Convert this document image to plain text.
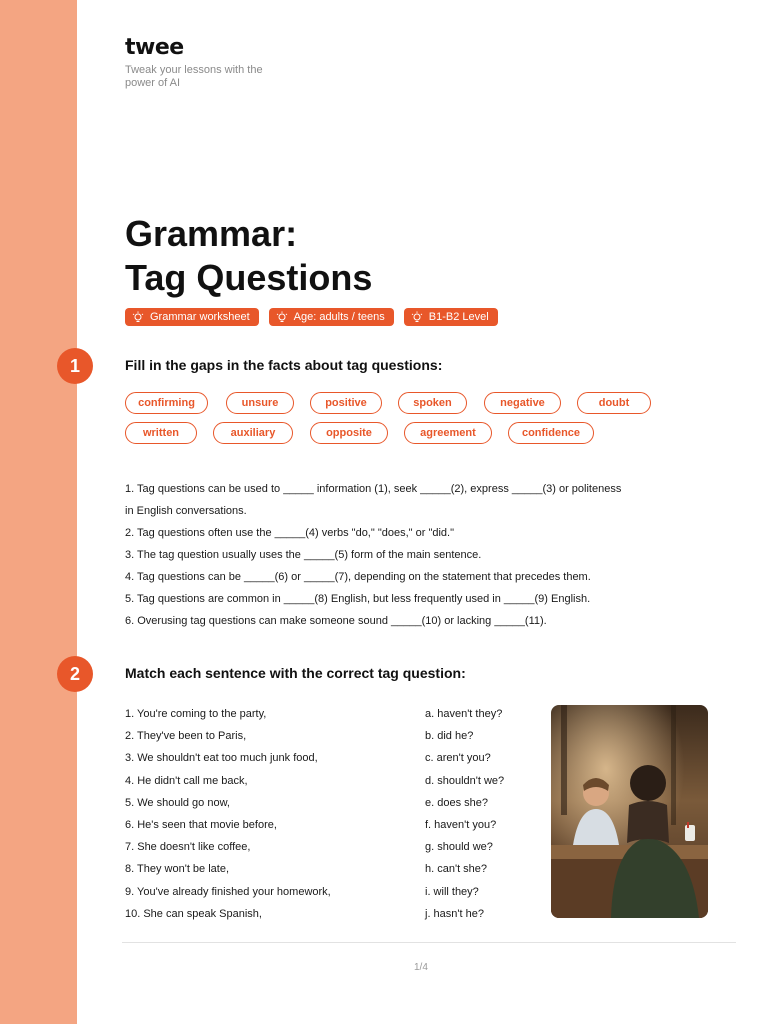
twee
Tweak your lessons with the power of AI
Grammar:
Tag Questions
Grammar worksheet	Age: adults / teens	B1-B2 Level
1	Fill in the gaps in the facts about tag questions:
confirming	unsure	positive	spoken	negative	doubt
written	auxiliary	opposite	agreement	confidence
1. Tag questions can be used to _____ information (1), seek _____(2), express _____(3) or politeness
in English conversations.
2. Tag questions often use the _____(4) verbs "do," "does," or "did."
3. The tag question usually uses the _____(5) form of the main sentence.
4. Tag questions can be _____(6) or _____(7), depending on the statement that precedes them.
5. Tag questions are common in _____(8) English, but less frequently used in _____(9) English.
6. Overusing tag questions can make someone sound _____(10) or lacking _____(11).
2	Match each sentence with the correct tag question:
1. You're coming to the party,
2. They've been to Paris,
3. We shouldn't eat too much junk food,
4. He didn't call me back,
5. We should go now,
6. He's seen that movie before,
7. She doesn't like coffee,
8. They won't be late,
9. You've already finished your homework,
10. She can speak Spanish,
a. haven't they?
b. did he?
c. aren't you?
d. shouldn't we?
e. does she?
f. haven't you?
g. should we?
h. can't she?
i. will they?
j. hasn't he?
1/4
